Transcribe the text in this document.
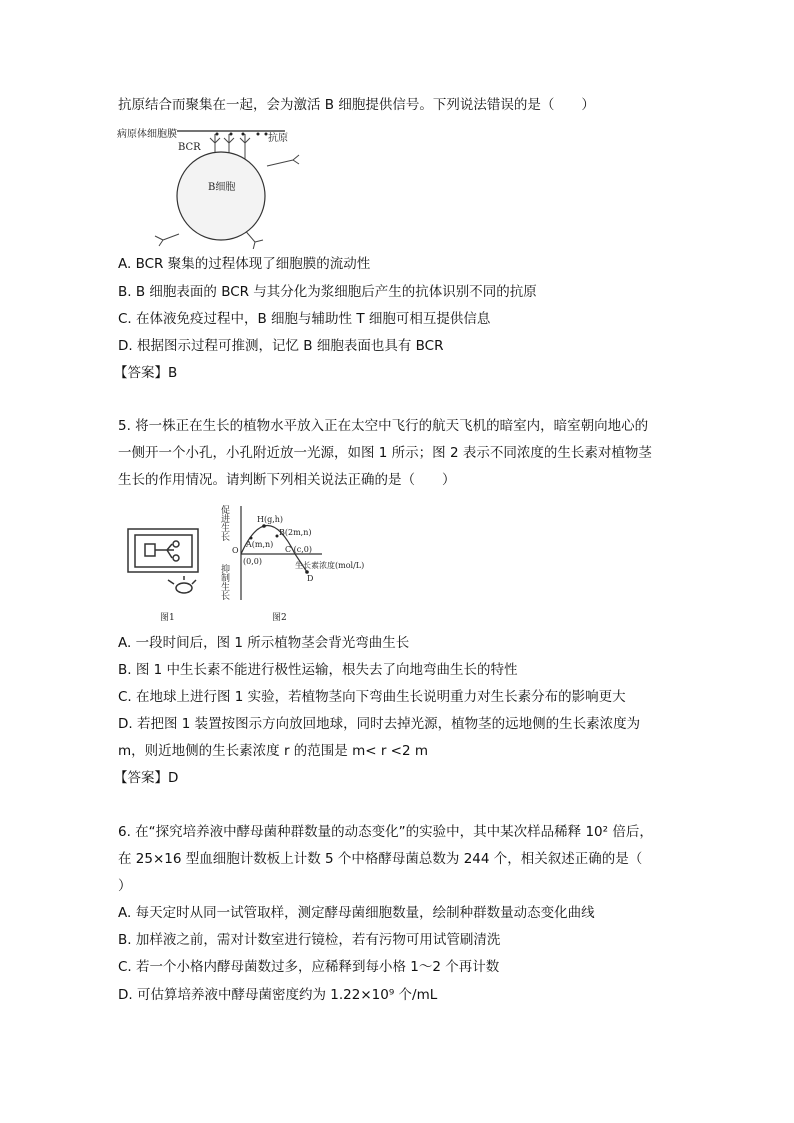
抗原结合而聚集在一起，会为激活 B 细胞提供信号。下列说法错误的是（　　）
病原体细胞膜
BCR
抗原
B细胞
A. BCR 聚集的过程体现了细胞膜的流动性
B. B 细胞表面的 BCR 与其分化为浆细胞后产生的抗体识别不同的抗原
C. 在体液免疫过程中，B 细胞与辅助性 T 细胞可相互提供信息
D. 根据图示过程可推测，记忆 B 细胞表面也具有 BCR
【答案】B
5. 将一株正在生长的植物水平放入正在太空中飞行的航天飞机的暗室内，暗室朝向地心的
一侧开一个小孔，小孔附近放一光源，如图 1 所示；图 2 表示不同浓度的生长素对植物茎
生长的作用情况。请判断下列相关说法正确的是（　　）
促进生长
抑制生长
O
(0,0)
H(g,h)
A(m,n)
B(2m,n)
C (c,0)
生长素浓度(mol/L)
D
图1	图2
A. 一段时间后，图 1 所示植物茎会背光弯曲生长
B. 图 1 中生长素不能进行极性运输，根失去了向地弯曲生长的特性
C. 在地球上进行图 1 实验，若植物茎向下弯曲生长说明重力对生长素分布的影响更大
D. 若把图 1 装置按图示方向放回地球，同时去掉光源，植物茎的远地侧的生长素浓度为
m，则近地侧的生长素浓度 r 的范围是 m< r <2 m
【答案】D
6. 在“探究培养液中酵母菌种群数量的动态变化”的实验中，其中某次样品稀释 10² 倍后，
在 25×16 型血细胞计数板上计数 5 个中格酵母菌总数为 244 个，相关叙述正确的是（
）
A. 每天定时从同一试管取样，测定酵母菌细胞数量，绘制种群数量动态变化曲线
B. 加样液之前，需对计数室进行镜检，若有污物可用试管刷清洗
C. 若一个小格内酵母菌数过多，应稀释到每小格 1～2 个再计数
D. 可估算培养液中酵母菌密度约为 1.22×10⁹ 个/mL
